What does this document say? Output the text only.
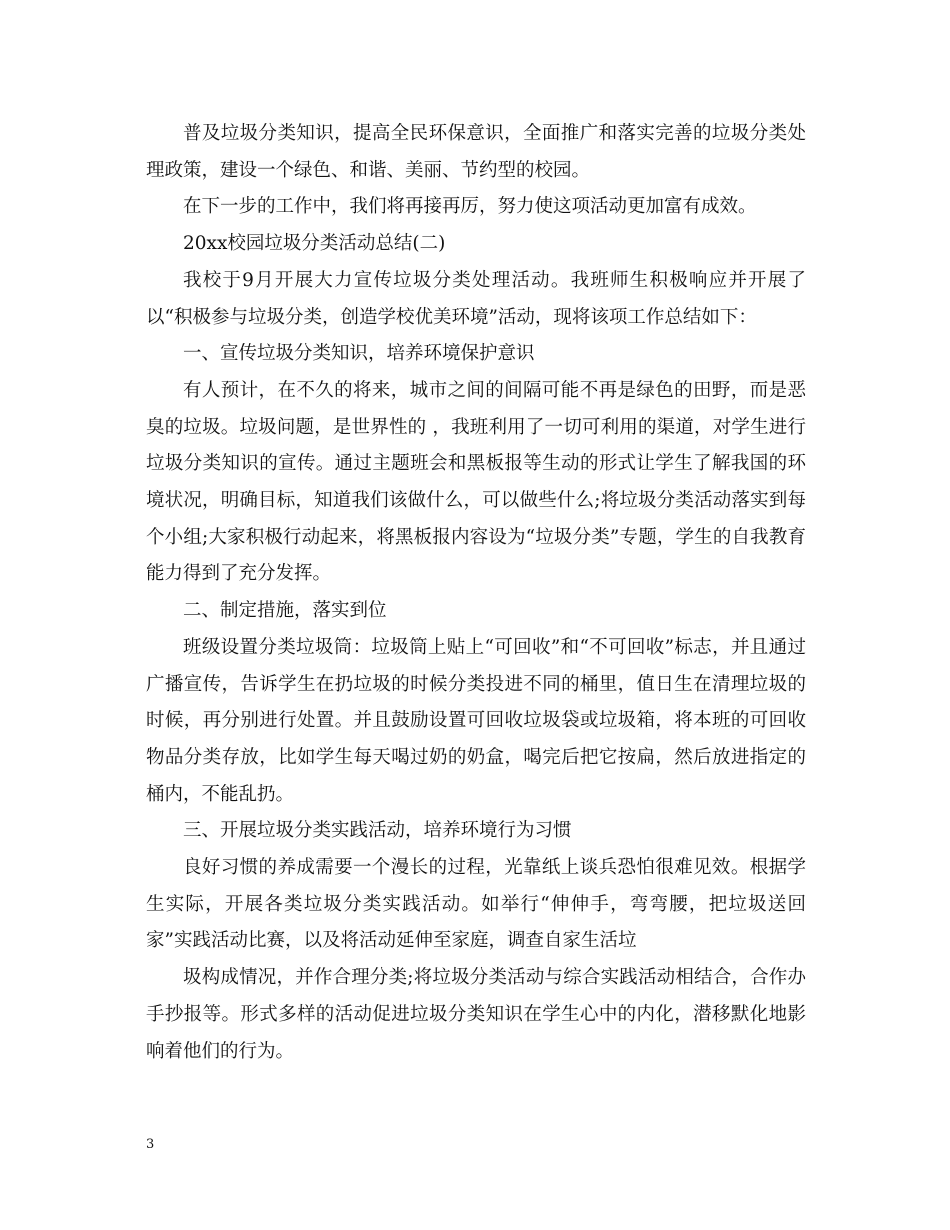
普及垃圾分类知识，提高全民环保意识，全面推广和落实完善的垃圾分类处理政策，建设一个绿色、和谐、美丽、节约型的校园。

在下一步的工作中，我们将再接再厉，努力使这项活动更加富有成效。

20xx校园垃圾分类活动总结(二)

我校于9月开展大力宣传垃圾分类处理活动。我班师生积极响应并开展了以“积极参与垃圾分类，创造学校优美环境”活动，现将该项工作总结如下：

一、宣传垃圾分类知识，培养环境保护意识

有人预计，在不久的将来，城市之间的间隔可能不再是绿色的田野，而是恶臭的垃圾。垃圾问题，是世界性的 ，我班利用了一切可利用的渠道，对学生进行垃圾分类知识的宣传。通过主题班会和黑板报等生动的形式让学生了解我国的环境状况，明确目标，知道我们该做什么，可以做些什么;将垃圾分类活动落实到每个小组;大家积极行动起来，将黑板报内容设为“垃圾分类”专题，学生的自我教育能力得到了充分发挥。

二、制定措施，落实到位

班级设置分类垃圾筒：垃圾筒上贴上“可回收”和“不可回收”标志，并且通过广播宣传，告诉学生在扔垃圾的时候分类投进不同的桶里，值日生在清理垃圾的时候，再分别进行处置。并且鼓励设置可回收垃圾袋或垃圾箱，将本班的可回收物品分类存放，比如学生每天喝过奶的奶盒，喝完后把它按扁，然后放进指定的桶内，不能乱扔。

三、开展垃圾分类实践活动，培养环境行为习惯

良好习惯的养成需要一个漫长的过程，光靠纸上谈兵恐怕很难见效。根据学生实际，开展各类垃圾分类实践活动。如举行“伸伸手，弯弯腰，把垃圾送回家”实践活动比赛，以及将活动延伸至家庭，调查自家生活垃

圾构成情况，并作合理分类;将垃圾分类活动与综合实践活动相结合，合作办手抄报等。形式多样的活动促进垃圾分类知识在学生心中的内化，潜移默化地影响着他们的行为。

3
